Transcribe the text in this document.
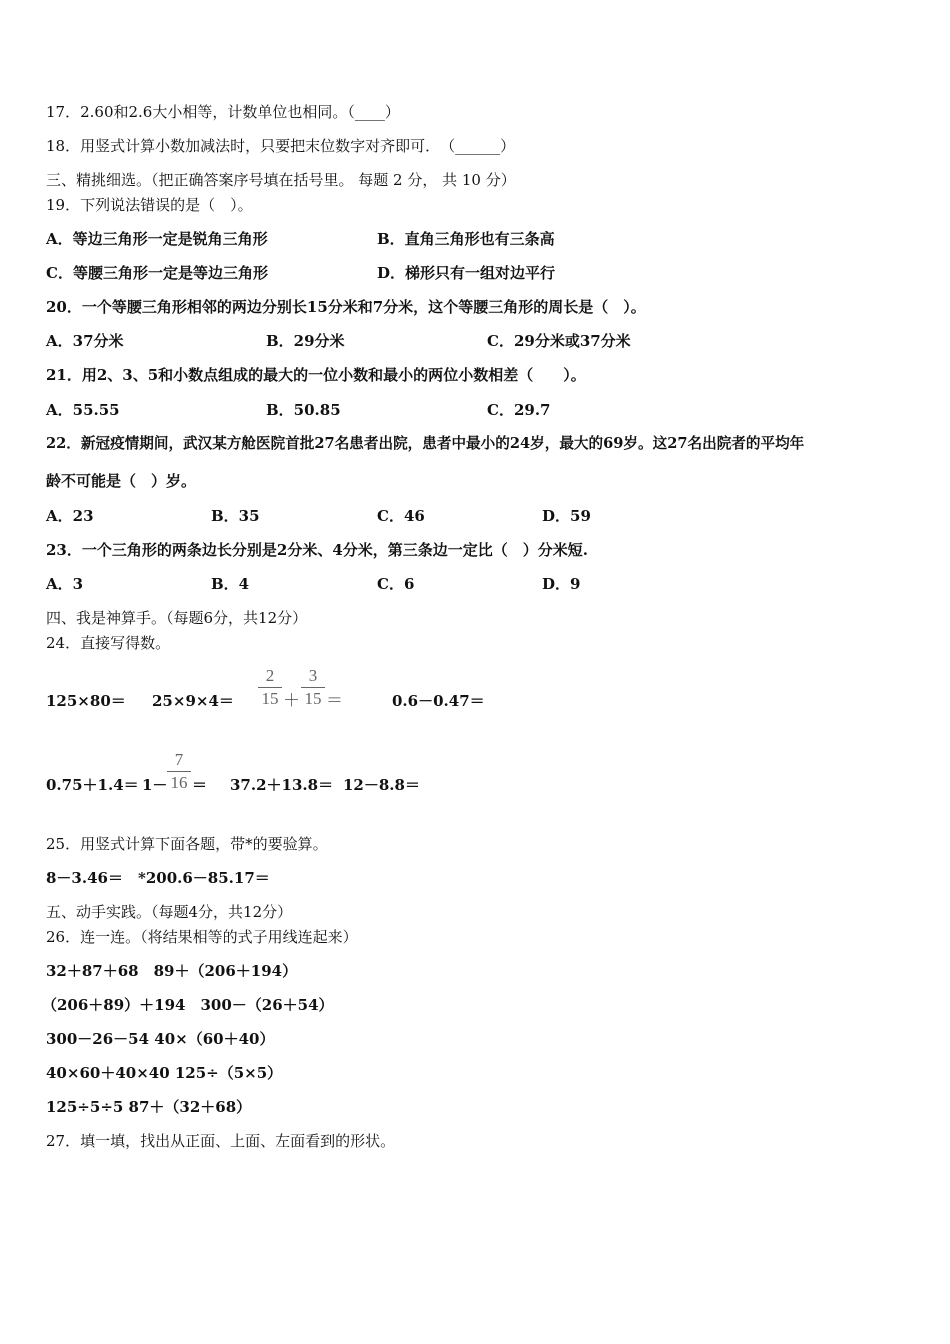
17．2.60和2.6大小相等，计数单位也相同。（____）
18．用竖式计算小数加减法时，只要把末位数字对齐即可．　（______）
三、精挑细选。（把正确答案序号填在括号里。 每题 2 分， 共 10 分）
19．下列说法错误的是（　）。
A．等边三角形一定是锐角三角形	B．直角三角形也有三条高
C．等腰三角形一定是等边三角形	D．梯形只有一组对边平行
20．一个等腰三角形相邻的两边分别长15分米和7分米，这个等腰三角形的周长是（　）。
A．37分米	B．29分米	C．29分米或37分米
21．用2、3、5和小数点组成的最大的一位小数和最小的两位小数相差（　　）。
A．55.55	B．50.85	C．29.7
22．新冠疫情期间，武汉某方舱医院首批27名患者出院，患者中最小的24岁，最大的69岁。这27名出院者的平均年
龄不可能是（　）岁。
A．23	B．35	C．46	D．59
23．一个三角形的两条边长分别是2分米、4分米，第三条边一定比（　）分米短.
A．3	B．4	C．6	D．9
四、我是神算手。（每题6分，共12分）
24．直接写得数。
125×80＝ 25×9×4＝
2
15 ＋
3
15 ＝	0.6－0.47＝
0.75＋1.4＝ 1－
7
16 ＝ 37.2＋13.8＝ 12－8.8＝
25．用竖式计算下面各题，带*的要验算。
8－3.46＝　*200.6－85.17＝
五、动手实践。（每题4分，共12分）
26．连一连。（将结果相等的式子用线连起来）
32＋87＋68　89＋（206＋194）
（206＋89）＋194　300－（26＋54）
300－26－54 40×（60＋40）
40×60＋40×40 125÷（5×5）
125÷5÷5 87＋（32＋68）
27．填一填，找出从正面、上面、左面看到的形状。
